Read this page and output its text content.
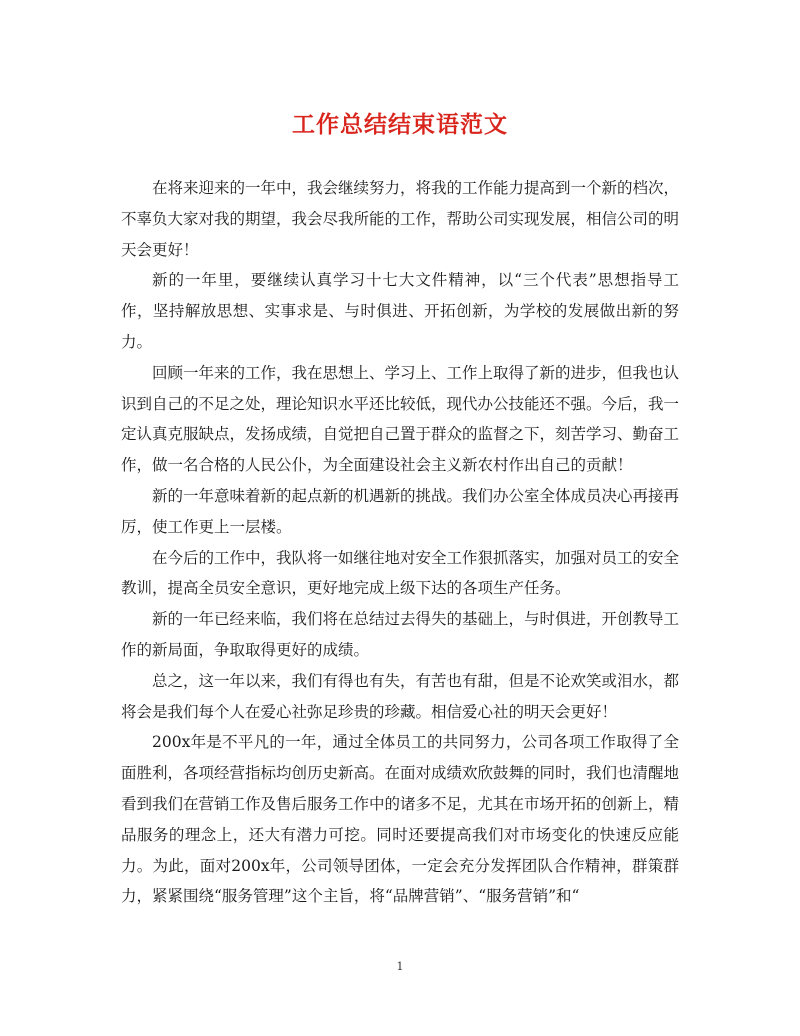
工作总结结束语范文

在将来迎来的一年中，我会继续努力，将我的工作能力提高到一个新的档次，不辜负大家对我的期望，我会尽我所能的工作，帮助公司实现发展，相信公司的明天会更好！

新的一年里，要继续认真学习十七大文件精神，以“三个代表”思想指导工作，坚持解放思想、实事求是、与时俱进、开拓创新，为学校的发展做出新的努力。

回顾一年来的工作，我在思想上、学习上、工作上取得了新的进步，但我也认识到自己的不足之处，理论知识水平还比较低，现代办公技能还不强。今后，我一定认真克服缺点，发扬成绩，自觉把自己置于群众的监督之下，刻苦学习、勤奋工作，做一名合格的人民公仆，为全面建设社会主义新农村作出自己的贡献！

新的一年意味着新的起点新的机遇新的挑战。我们办公室全体成员决心再接再厉，使工作更上一层楼。

在今后的工作中，我队将一如继往地对安全工作狠抓落实，加强对员工的安全教训，提高全员安全意识，更好地完成上级下达的各项生产任务。

新的一年已经来临，我们将在总结过去得失的基础上，与时俱进，开创教导工作的新局面，争取取得更好的成绩。

总之，这一年以来，我们有得也有失，有苦也有甜，但是不论欢笑或泪水，都将会是我们每个人在爱心社弥足珍贵的珍藏。相信爱心社的明天会更好！

200x年是不平凡的一年，通过全体员工的共同努力，公司各项工作取得了全面胜利，各项经营指标均创历史新高。在面对成绩欢欣鼓舞的同时，我们也清醒地看到我们在营销工作及售后服务工作中的诸多不足，尤其在市场开拓的创新上，精品服务的理念上，还大有潜力可挖。同时还要提高我们对市场变化的快速反应能力。为此，面对200x年，公司领导团体，一定会充分发挥团队合作精神，群策群力，紧紧围绕“服务管理”这个主旨，将“品牌营销”、“服务营销”和“

1
